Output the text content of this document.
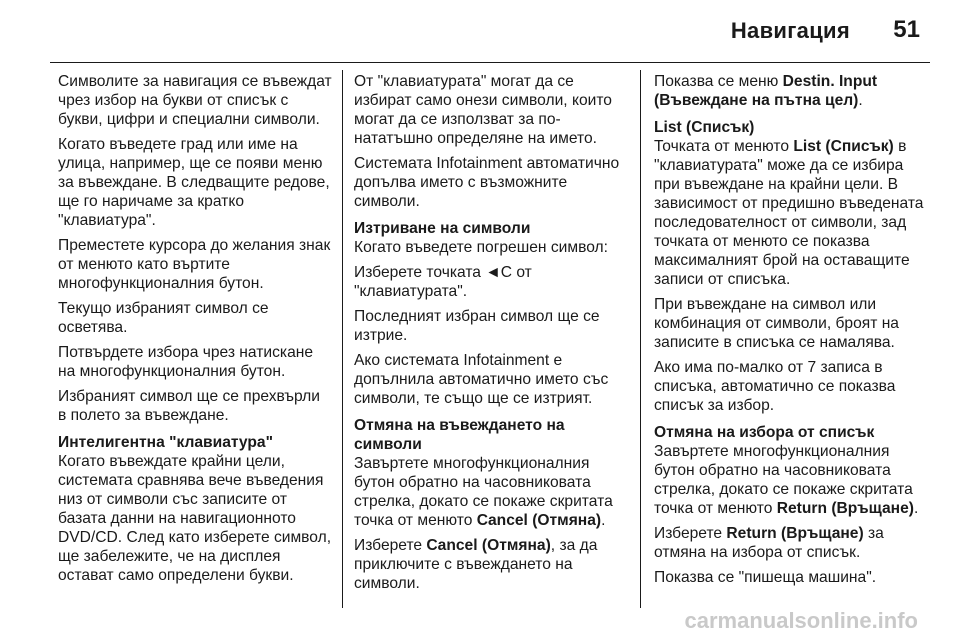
Навигация 51

Символите за навигация се въвеждат чрез избор на букви от списък с букви, цифри и специални символи.

Когато въведете град или име на улица, например, ще се появи меню за въвеждане. В следващите редове, ще го наричаме за кратко "клавиатура".

Преместете курсора до желания знак от менюто като въртите многофункционалния бутон.

Текущо избраният символ се осветява.

Потвърдете избора чрез натискане на многофункционалния бутон.

Избраният символ ще се прехвърли в полето за въвеждане.

Интелигентна "клавиатура"

Когато въвеждате крайни цели, системата сравнява вече въведения низ от символи със записите от базата данни на навигационното DVD/CD. След като изберете символ, ще забележите, че на дисплея остават само определени букви.

От "клавиатурата" могат да се избират само онези символи, които могат да се използват за по-нататъшно определяне на името.

Системата Infotainment автоматично допълва името с възможните символи.

Изтриване на символи

Когато въведете погрешен символ:

Изберете точката ◄C от "клавиатурата".

Последният избран символ ще се изтрие.

Ако системата Infotainment е допълнила автоматично името със символи, те също ще се изтрият.

Отмяна на въвеждането на символи

Завъртете многофункционалния бутон обратно на часовниковата стрелка, докато се покаже скритата точка от менюто Cancel (Отмяна).

Изберете Cancel (Отмяна), за да приключите с въвеждането на символи.

Показва се меню Destin. Input (Въвеждане на пътна цел).

List (Списък)

Точката от менюто List (Списък) в "клавиатурата" може да се избира при въвеждане на крайни цели. В зависимост от предишно въведената последователност от символи, зад точката от менюто се показва максималният брой на оставащите записи от списъка.

При въвеждане на символ или комбинация от символи, броят на записите в списъка се намалява.

Ако има по-малко от 7 записа в списъка, автоматично се показва списък за избор.

Отмяна на избора от списък

Завъртете многофункционалния бутон обратно на часовниковата стрелка, докато се покаже скритата точка от менюто Return (Връщане).

Изберете Return (Връщане) за отмяна на избора от списък.

Показва се "пишеща машина".

carmanualsonline.info
